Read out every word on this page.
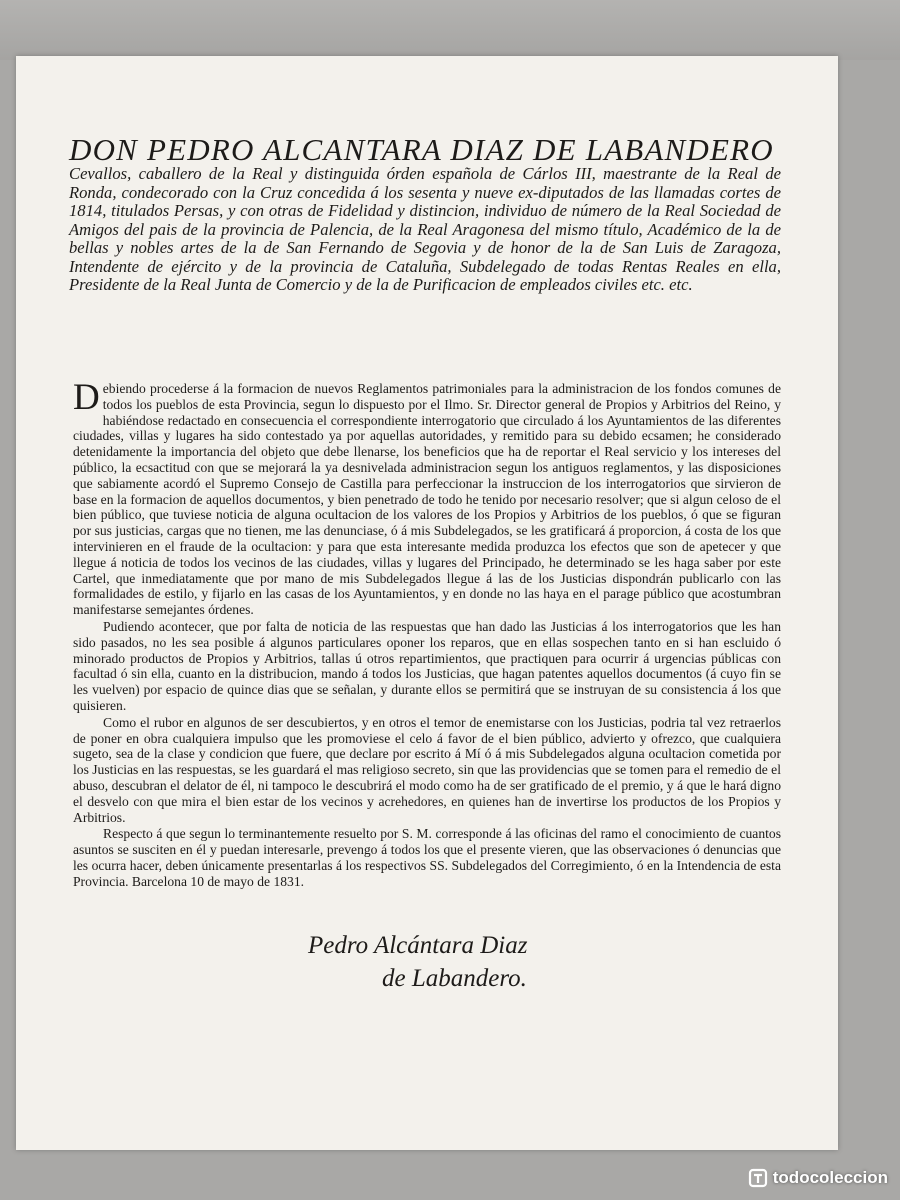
DON PEDRO ALCANTARA DIAZ DE LABANDERO

Cevallos, caballero de la Real y distinguida órden española de Cárlos III, maestrante de la Real de Ronda, condecorado con la Cruz concedida á los sesenta y nueve ex-diputados de las llamadas cortes de 1814, titulados Persas, y con otras de Fidelidad y distincion, individuo de número de la Real Sociedad de Amigos del pais de la provincia de Palencia, de la Real Aragonesa del mismo título, Académico de la de bellas y nobles artes de la de San Fernando de Segovia y de honor de la de San Luis de Zaragoza, Intendente de ejército y de la provincia de Cataluña, Subdelegado de todas Rentas Reales en ella, Presidente de la Real Junta de Comercio y de la de Purificacion de empleados civiles etc. etc.

Debiendo procederse á la formacion de nuevos Reglamentos patrimoniales para la administracion de los fondos comunes de todos los pueblos de esta Provincia, segun lo dispuesto por el Ilmo. Sr. Director general de Propios y Arbitrios del Reino, y habiéndose redactado en consecuencia el correspondiente interrogatorio que circulado á los Ayuntamientos de las diferentes ciudades, villas y lugares ha sido contestado ya por aquellas autoridades, y remitido para su debido ecsamen; he considerado detenidamente la importancia del objeto que debe llenarse, los beneficios que ha de reportar el Real servicio y los intereses del público, la ecsactitud con que se mejorará la ya desnivelada administracion segun los antiguos reglamentos, y las disposiciones que sabiamente acordó el Supremo Consejo de Castilla para perfeccionar la instruccion de los interrogatorios que sirvieron de base en la formacion de aquellos documentos, y bien penetrado de todo he tenido por necesario resolver; que si algun celoso de el bien público, que tuviese noticia de alguna ocultacion de los valores de los Propios y Arbitrios de los pueblos, ó que se figuran por sus justicias, cargas que no tienen, me las denunciase, ó á mis Subdelegados, se les gratificará á proporcion, á costa de los que intervinieren en el fraude de la ocultacion: y para que esta interesante medida produzca los efectos que son de apetecer y que llegue á noticia de todos los vecinos de las ciudades, villas y lugares del Principado, he determinado se les haga saber por este Cartel, que inmediatamente que por mano de mis Subdelegados llegue á las de los Justicias dispondrán publicarlo con las formalidades de estilo, y fijarlo en las casas de los Ayuntamientos, y en donde no las haya en el parage público que acostumbran manifestarse semejantes órdenes.

Pudiendo acontecer, que por falta de noticia de las respuestas que han dado las Justicias á los interrogatorios que les han sido pasados, no les sea posible á algunos particulares oponer los reparos, que en ellas sospechen tanto en si han escluido ó minorado productos de Propios y Arbitrios, tallas ú otros repartimientos, que practiquen para ocurrir á urgencias públicas con facultad ó sin ella, cuanto en la distribucion, mando á todos los Justicias, que hagan patentes aquellos documentos (á cuyo fin se les vuelven) por espacio de quince dias que se señalan, y durante ellos se permitirá que se instruyan de su consistencia á los que quisieren.

Como el rubor en algunos de ser descubiertos, y en otros el temor de enemistarse con los Justicias, podria tal vez retraerlos de poner en obra cualquiera impulso que les promoviese el celo á favor de el bien público, advierto y ofrezco, que cualquiera sugeto, sea de la clase y condicion que fuere, que declare por escrito á Mí ó á mis Subdelegados alguna ocultacion cometida por los Justicias en las respuestas, se les guardará el mas religioso secreto, sin que las providencias que se tomen para el remedio de el abuso, descubran el delator de él, ni tampoco le descubrirá el modo como ha de ser gratificado de el premio, y á que le hará digno el desvelo con que mira el bien estar de los vecinos y acrehedores, en quienes han de invertirse los productos de los Propios y Arbitrios.

Respecto á que segun lo terminantemente resuelto por S. M. corresponde á las oficinas del ramo el conocimiento de cuantos asuntos se susciten en él y puedan interesarle, prevengo á todos los que el presente vieren, que las observaciones ó denuncias que les ocurra hacer, deben únicamente presentarlas á los respectivos SS. Subdelegados del Corregimiento, ó en la Intendencia de esta Provincia. Barcelona 10 de mayo de 1831.

Pedro Alcántara Diaz
de Labandero.
todocoleccion
